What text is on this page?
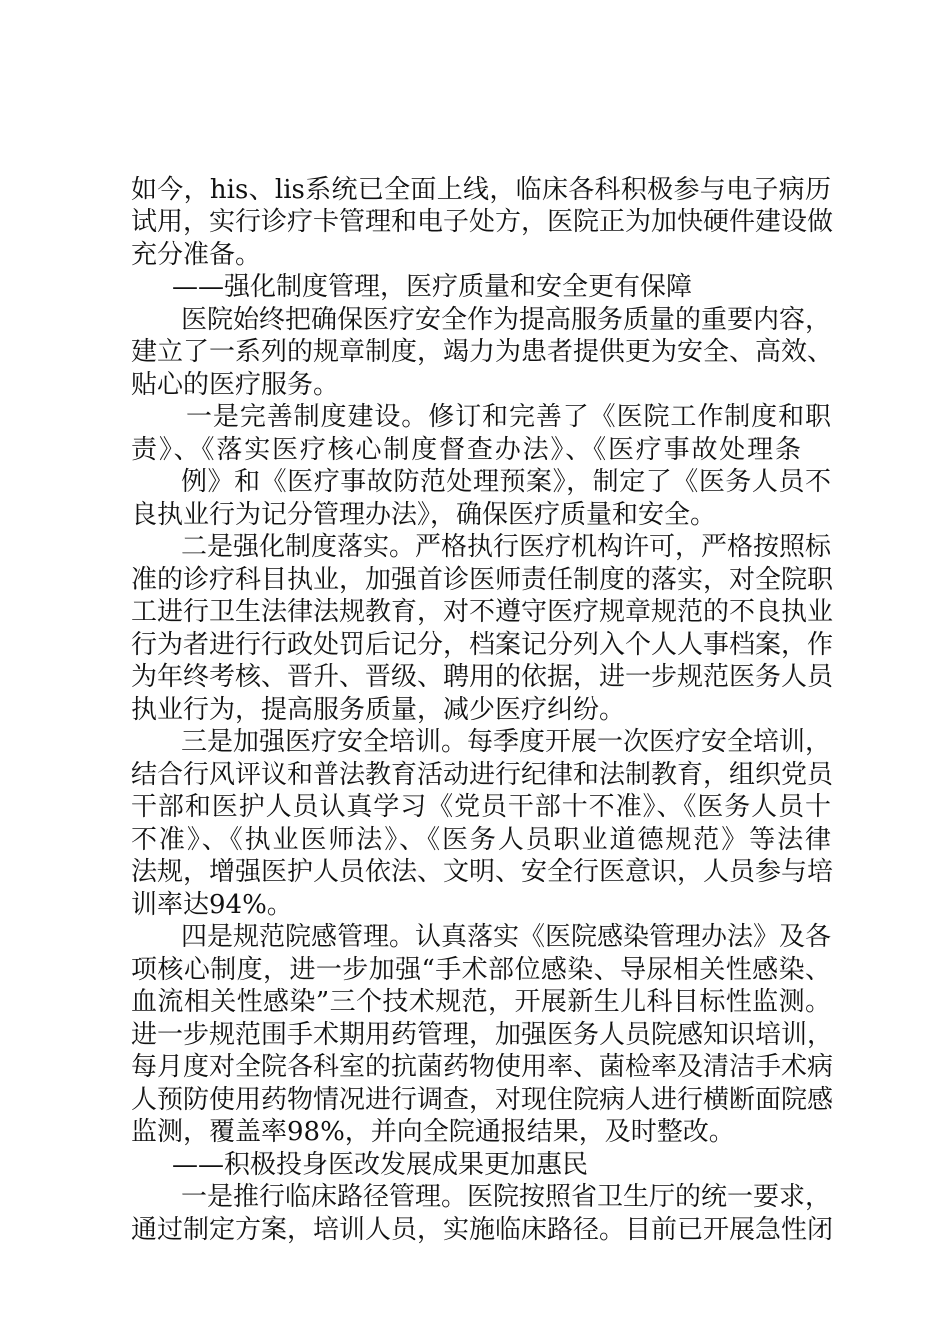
如今，his、lis系统已全面上线，临床各科积极参与电子病历
试用，实行诊疗卡管理和电子处方，医院正为加快硬件建设做
充分准备。
——强化制度管理，医疗质量和安全更有保障
医院始终把确保医疗安全作为提高服务质量的重要内容，
建立了一系列的规章制度，竭力为患者提供更为安全、高效、
贴心的医疗服务。
一是完善制度建设。修订和完善了《医院工作制度和职
责》、《落实医疗核心制度督查办法》、《医疗事故处理条
例》和《医疗事故防范处理预案》，制定了《医务人员不
良执业行为记分管理办法》，确保医疗质量和安全。
二是强化制度落实。严格执行医疗机构许可，严格按照标
准的诊疗科目执业，加强首诊医师责任制度的落实，对全院职
工进行卫生法律法规教育，对不遵守医疗规章规范的不良执业
行为者进行行政处罚后记分，档案记分列入个人人事档案，作
为年终考核、晋升、晋级、聘用的依据，进一步规范医务人员
执业行为，提高服务质量，减少医疗纠纷。
三是加强医疗安全培训。每季度开展一次医疗安全培训，
结合行风评议和普法教育活动进行纪律和法制教育，组织党员
干部和医护人员认真学习《党员干部十不准》、《医务人员十
不准》、《执业医师法》、《医务人员职业道德规范》等法律
法规，增强医护人员依法、文明、安全行医意识，人员参与培
训率达94%。
四是规范院感管理。认真落实《医院感染管理办法》及各
项核心制度，进一步加强“手术部位感染、导尿相关性感染、
血流相关性感染”三个技术规范，开展新生儿科目标性监测。
进一步规范围手术期用药管理，加强医务人员院感知识培训，
每月度对全院各科室的抗菌药物使用率、菌检率及清洁手术病
人预防使用药物情况进行调查，对现住院病人进行横断面院感
监测，覆盖率98%，并向全院通报结果，及时整改。
——积极投身医改发展成果更加惠民
一是推行临床路径管理。医院按照省卫生厅的统一要求，
通过制定方案，培训人员，实施临床路径。目前已开展急性闭
